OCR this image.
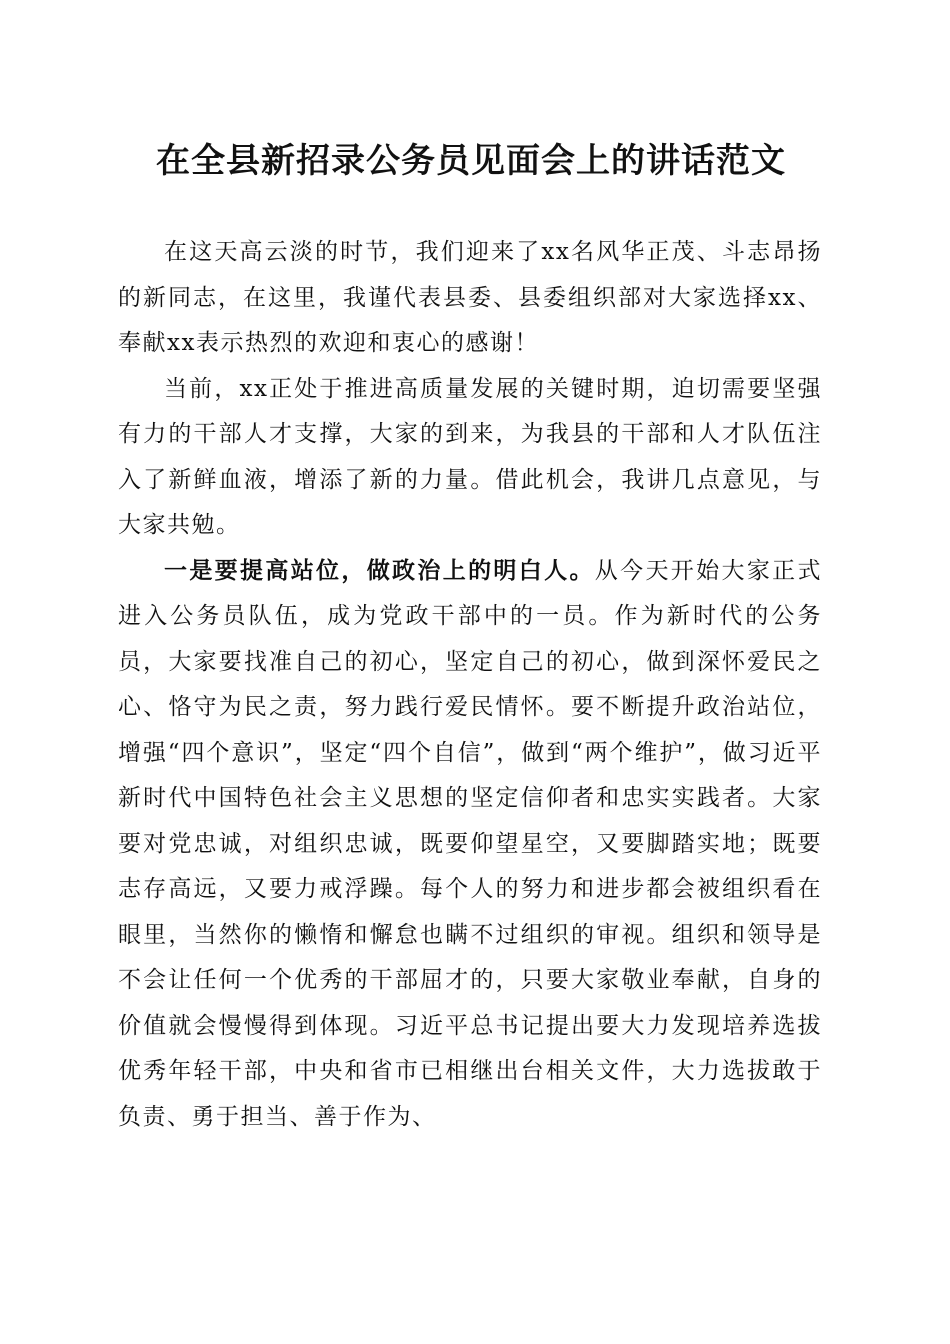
在全县新招录公务员见面会上的讲话范文

在这天高云淡的时节，我们迎来了xx名风华正茂、斗志昂扬的新同志，在这里，我谨代表县委、县委组织部对大家选择xx、奉献xx表示热烈的欢迎和衷心的感谢！

当前，xx正处于推进高质量发展的关键时期，迫切需要坚强有力的干部人才支撑，大家的到来，为我县的干部和人才队伍注入了新鲜血液，增添了新的力量。借此机会，我讲几点意见，与大家共勉。

一是要提高站位，做政治上的明白人。从今天开始大家正式进入公务员队伍，成为党政干部中的一员。作为新时代的公务员，大家要找准自己的初心，坚定自己的初心，做到深怀爱民之心、恪守为民之责，努力践行爱民情怀。要不断提升政治站位，增强“四个意识”，坚定“四个自信”，做到“两个维护”，做习近平新时代中国特色社会主义思想的坚定信仰者和忠实实践者。大家要对党忠诚，对组织忠诚，既要仰望星空，又要脚踏实地；既要志存高远，又要力戒浮躁。每个人的努力和进步都会被组织看在眼里，当然你的懒惰和懈怠也瞒不过组织的审视。组织和领导是不会让任何一个优秀的干部屈才的，只要大家敬业奉献，自身的价值就会慢慢得到体现。习近平总书记提出要大力发现培养选拔优秀年轻干部，中央和省市已相继出台相关文件，大力选拔敢于负责、勇于担当、善于作为、
